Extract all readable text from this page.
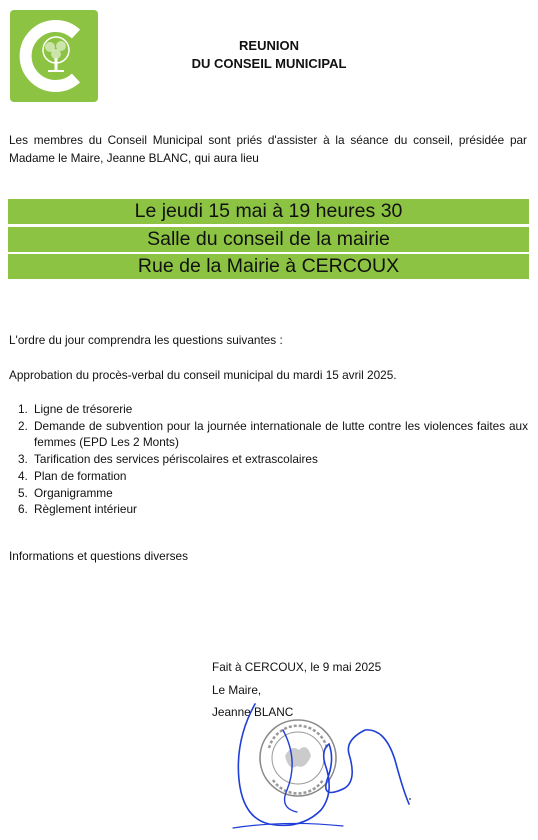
CERCOUX
REUNION
DU CONSEIL MUNICIPAL
Les membres du Conseil Municipal sont priés d'assister à la séance du conseil, présidée par Madame le Maire, Jeanne BLANC, qui aura lieu
Le jeudi 15 mai à 19 heures 30
Salle du conseil de la mairie
Rue de la Mairie à CERCOUX
L'ordre du jour comprendra les questions suivantes :
Approbation du procès-verbal du conseil municipal du mardi 15 avril 2025.
1. Ligne de trésorerie
2. Demande de subvention pour la journée internationale de lutte contre les violences faites aux femmes (EPD Les 2 Monts)
3. Tarification des services périscolaires et extrascolaires
4. Plan de formation
5. Organigramme
6. Règlement intérieur
Informations et questions diverses
Fait à CERCOUX, le 9 mai 2025
Le Maire,
Jeanne BLANC
